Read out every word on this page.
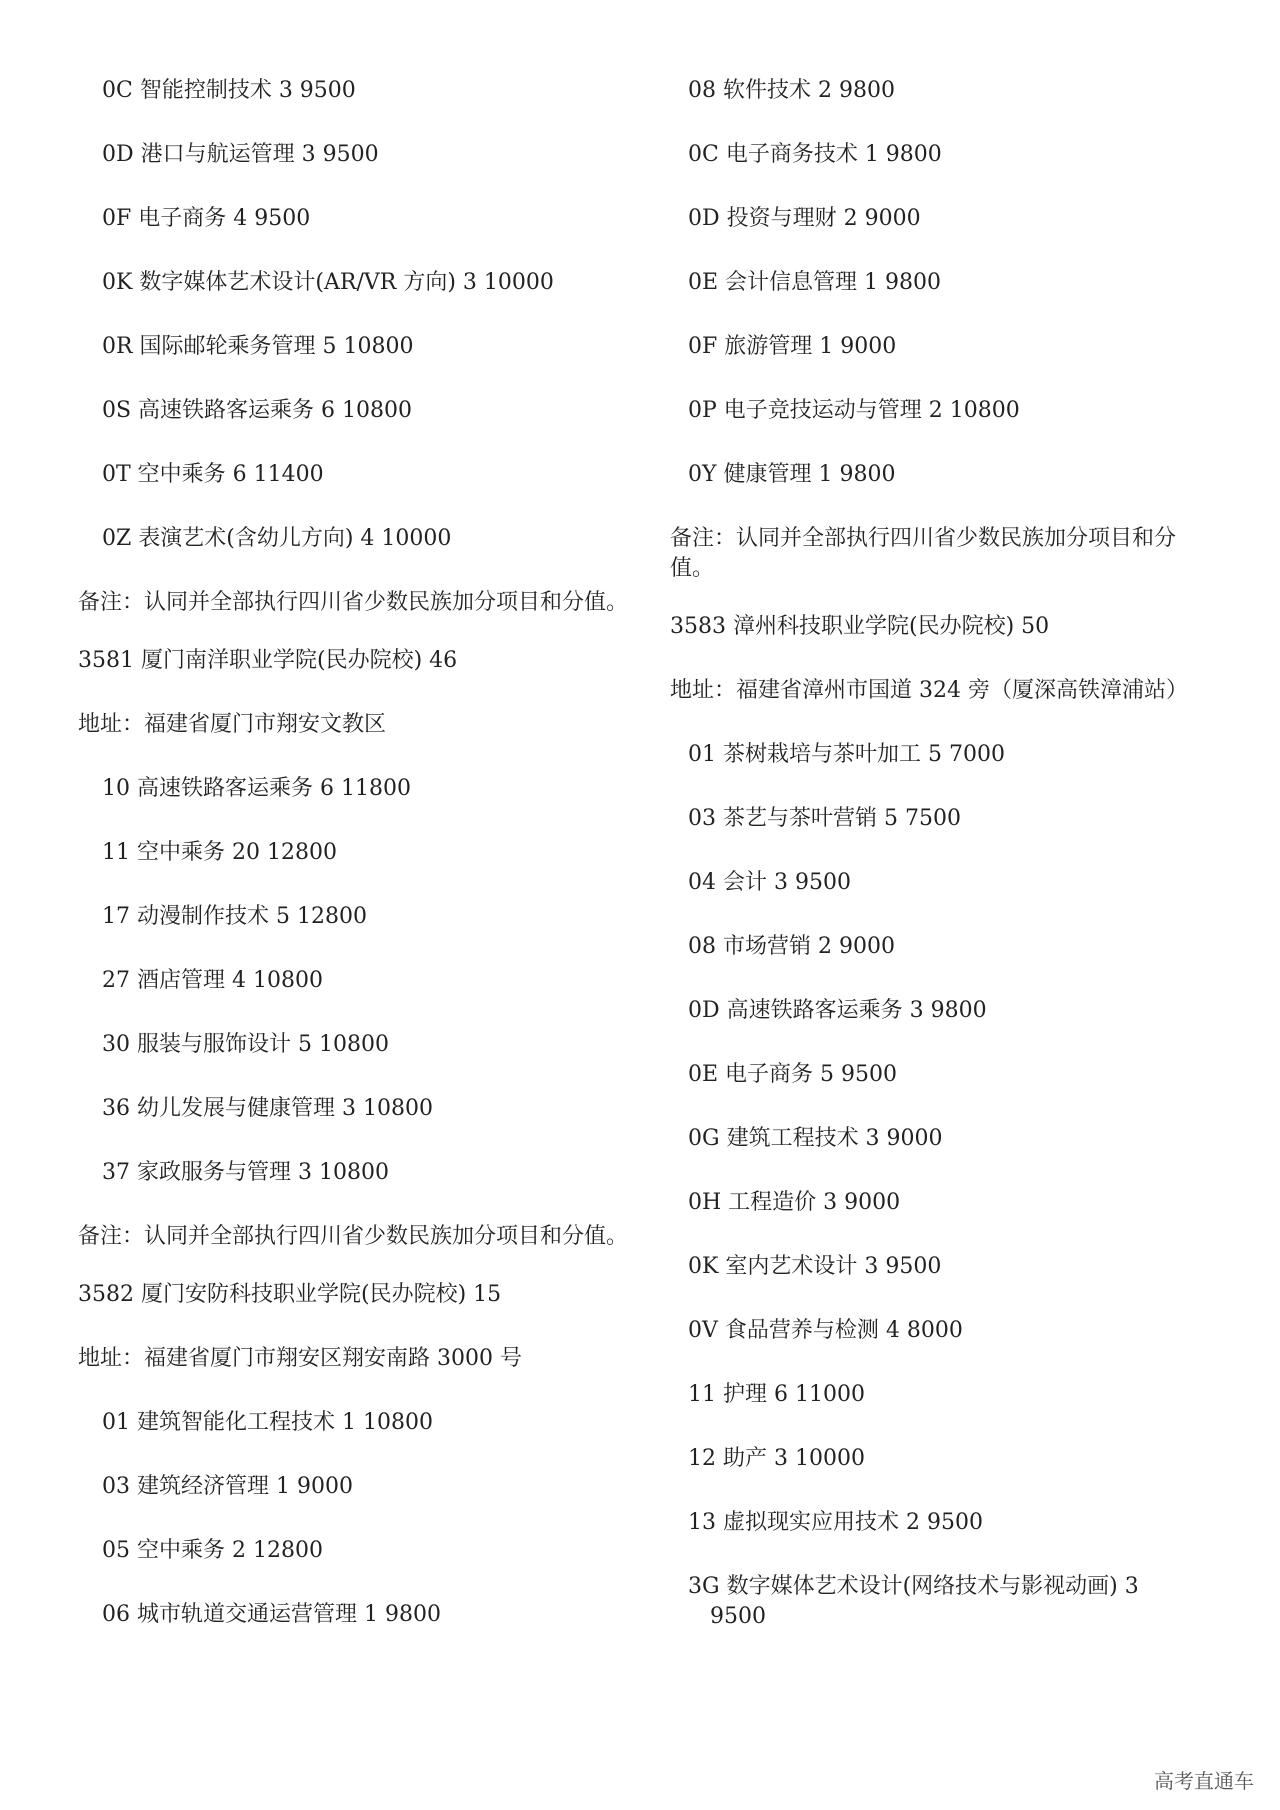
0C 智能控制技术 3 9500
0D 港口与航运管理 3 9500
0F 电子商务 4 9500
0K 数字媒体艺术设计(AR/VR 方向) 3 10000
0R 国际邮轮乘务管理 5 10800
0S 高速铁路客运乘务 6 10800
0T 空中乘务 6 11400
0Z 表演艺术(含幼儿方向) 4 10000
备注：认同并全部执行四川省少数民族加分项目和分值。
3581 厦门南洋职业学院(民办院校) 46
地址：福建省厦门市翔安文教区
10 高速铁路客运乘务 6 11800
11 空中乘务 20 12800
17 动漫制作技术 5 12800
27 酒店管理 4 10800
30 服装与服饰设计 5 10800
36 幼儿发展与健康管理 3 10800
37 家政服务与管理 3 10800
备注：认同并全部执行四川省少数民族加分项目和分值。
3582 厦门安防科技职业学院(民办院校) 15
地址：福建省厦门市翔安区翔安南路 3000 号
01 建筑智能化工程技术 1 10800
03 建筑经济管理 1 9000
05 空中乘务 2 12800
06 城市轨道交通运营管理 1 9800
08 软件技术 2 9800
0C 电子商务技术 1 9800
0D 投资与理财 2 9000
0E 会计信息管理 1 9800
0F 旅游管理 1 9000
0P 电子竞技运动与管理 2 10800
0Y 健康管理 1 9800
备注：认同并全部执行四川省少数民族加分项目和分值。
3583 漳州科技职业学院(民办院校) 50
地址：福建省漳州市国道 324 旁（厦深高铁漳浦站）
01 茶树栽培与茶叶加工 5 7000
03 茶艺与茶叶营销 5 7500
04 会计 3 9500
08 市场营销 2 9000
0D 高速铁路客运乘务 3 9800
0E 电子商务 5 9500
0G 建筑工程技术 3 9000
0H 工程造价 3 9000
0K 室内艺术设计 3 9500
0V 食品营养与检测 4 8000
11 护理 6 11000
12 助产 3 10000
13 虚拟现实应用技术 2 9500
3G 数字媒体艺术设计(网络技术与影视动画) 3
9500
高考直通车
